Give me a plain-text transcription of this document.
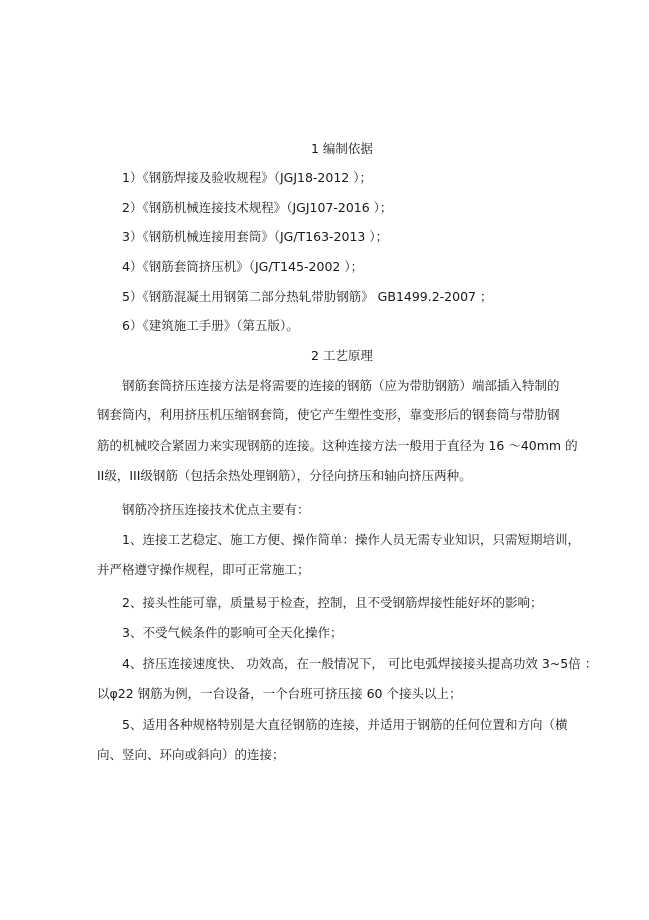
1 编制依据
1）《钢筋焊接及验收规程》（JGJ18-2012 ）；
2）《钢筋机械连接技术规程》（JGJ107-2016 ）；
3）《钢筋机械连接用套筒》（JG/T163-2013 ）；
4）《钢筋套筒挤压机》（JG/T145-2002 ）；
5）《钢筋混凝土用钢第二部分热轧带肋钢筋》 GB1499.2-2007 ；
6）《建筑施工手册》（第五版）。
2 工艺原理
钢筋套筒挤压连接方法是将需要的连接的钢筋（应为带肋钢筋）端部插入特制的
钢套筒内，利用挤压机压缩钢套筒，使它产生塑性变形，靠变形后的钢套筒与带肋钢
筋的机械咬合紧固力来实现钢筋的连接。这种连接方法一般用于直径为 16 ～40mm 的
II级，III级钢筋（包括余热处理钢筋），分径向挤压和轴向挤压两种。
钢筋冷挤压连接技术优点主要有：
1、连接工艺稳定、施工方便、操作简单：操作人员无需专业知识，只需短期培训，
并严格遵守操作规程，即可正常施工；
2、接头性能可靠，质量易于检查，控制，且不受钢筋焊接性能好坏的影响；
3、不受气候条件的影响可全天化操作；
4、挤压连接速度快、 功效高，在一般情况下， 可比电弧焊接接头提高功效 3~5倍 ：
以φ22 钢筋为例，一台设备，一个台班可挤压接 60 个接头以上；
5、适用各种规格特别是大直径钢筋的连接，并适用于钢筋的任何位置和方向（横
向、竖向、环向或斜向）的连接；
